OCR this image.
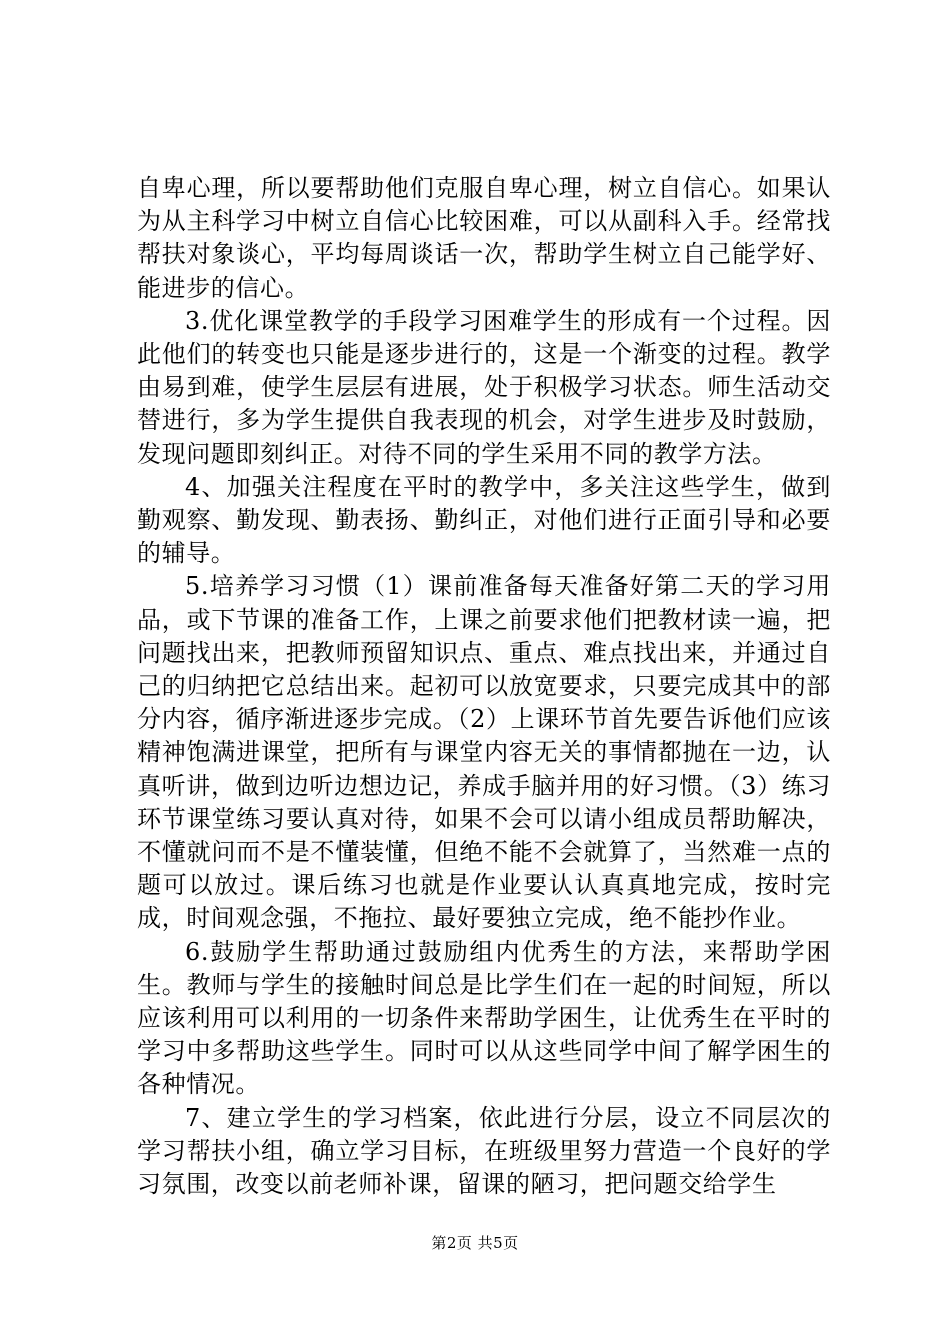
自卑心理，所以要帮助他们克服自卑心理，树立自信心。如果认为从主科学习中树立自信心比较困难，可以从副科入手。经常找帮扶对象谈心，平均每周谈话一次，帮助学生树立自己能学好、能进步的信心。

3.优化课堂教学的手段学习困难学生的形成有一个过程。因此他们的转变也只能是逐步进行的，这是一个渐变的过程。教学由易到难，使学生层层有进展，处于积极学习状态。师生活动交替进行，多为学生提供自我表现的机会，对学生进步及时鼓励，发现问题即刻纠正。对待不同的学生采用不同的教学方法。

4、加强关注程度在平时的教学中，多关注这些学生，做到勤观察、勤发现、勤表扬、勤纠正，对他们进行正面引导和必要的辅导。

5.培养学习习惯（1）课前准备每天准备好第二天的学习用品，或下节课的准备工作，上课之前要求他们把教材读一遍，把问题找出来，把教师预留知识点、重点、难点找出来，并通过自己的归纳把它总结出来。起初可以放宽要求，只要完成其中的部分内容，循序渐进逐步完成。（2）上课环节首先要告诉他们应该精神饱满进课堂，把所有与课堂内容无关的事情都抛在一边，认真听讲，做到边听边想边记，养成手脑并用的好习惯。（3）练习环节课堂练习要认真对待，如果不会可以请小组成员帮助解决，不懂就问而不是不懂装懂，但绝不能不会就算了，当然难一点的题可以放过。课后练习也就是作业要认认真真地完成，按时完成，时间观念强，不拖拉、最好要独立完成，绝不能抄作业。

6.鼓励学生帮助通过鼓励组内优秀生的方法，来帮助学困生。教师与学生的接触时间总是比学生们在一起的时间短，所以应该利用可以利用的一切条件来帮助学困生，让优秀生在平时的学习中多帮助这些学生。同时可以从这些同学中间了解学困生的各种情况。

7、建立学生的学习档案，依此进行分层，设立不同层次的学习帮扶小组，确立学习目标，在班级里努力营造一个良好的学习氛围，改变以前老师补课，留课的陋习，把问题交给学生

第2页 共5页
